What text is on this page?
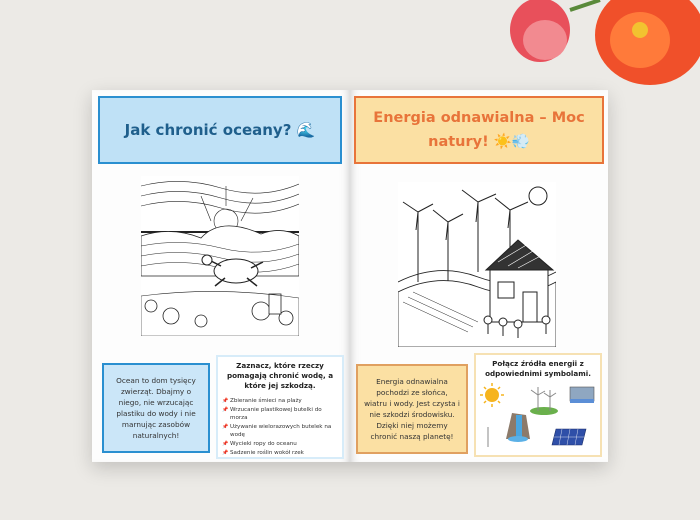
Jak chronić oceany? 🌊
Ocean to dom tysięcy zwierząt. Dbajmy o niego, nie wrzucając plastiku do wody i nie marnując zasobów naturalnych!
Zaznacz, które rzeczy pomagają chronić wodę, a które jej szkodzą.
📌 Zbieranie śmieci na plaży
📌 Wrzucanie plastikowej butelki do morza
📌 Używanie wielorazowych butelek na wodę
📌 Wycieki ropy do oceanu
📌 Sadzenie roślin wokół rzek
Energia odnawialna – Moc natury! ☀️💨
Energia odnawialna pochodzi ze słońca, wiatru i wody. Jest czysta i nie szkodzi środowisku. Dzięki niej możemy chronić naszą planetę!
Połącz źródła energii z odpowiednimi symbolami.
